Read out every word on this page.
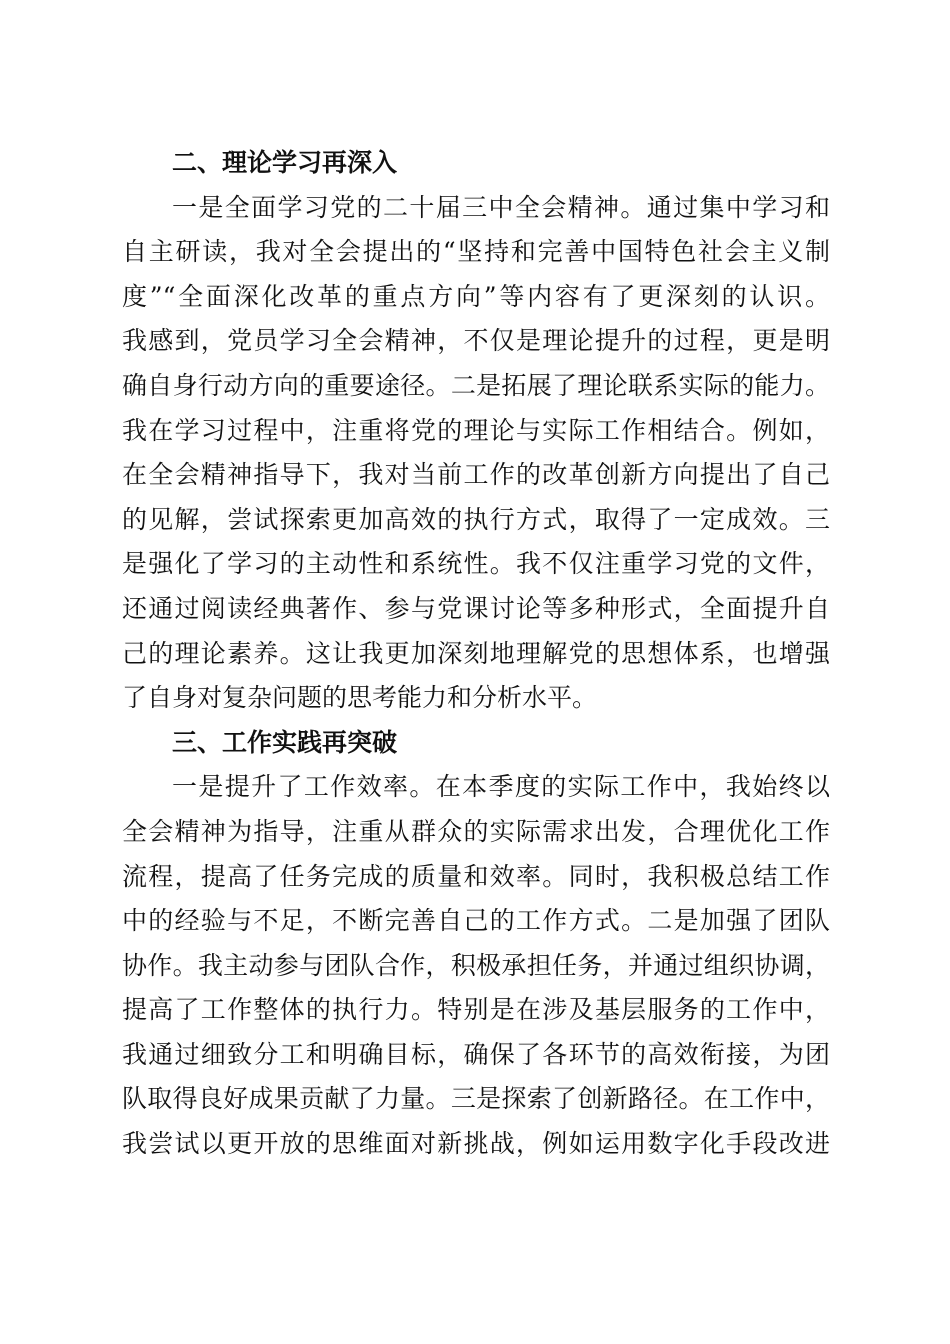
二、理论学习再深入
一是全面学习党的二十届三中全会精神。通过集中学习和
自主研读，我对全会提出的“坚持和完善中国特色社会主义制
度”“全面深化改革的重点方向”等内容有了更深刻的认识。
我感到，党员学习全会精神，不仅是理论提升的过程，更是明
确自身行动方向的重要途径。二是拓展了理论联系实际的能力。
我在学习过程中，注重将党的理论与实际工作相结合。例如，
在全会精神指导下，我对当前工作的改革创新方向提出了自己
的见解，尝试探索更加高效的执行方式，取得了一定成效。三
是强化了学习的主动性和系统性。我不仅注重学习党的文件，
还通过阅读经典著作、参与党课讨论等多种形式，全面提升自
己的理论素养。这让我更加深刻地理解党的思想体系，也增强
了自身对复杂问题的思考能力和分析水平。
三、工作实践再突破
一是提升了工作效率。在本季度的实际工作中，我始终以
全会精神为指导，注重从群众的实际需求出发，合理优化工作
流程，提高了任务完成的质量和效率。同时，我积极总结工作
中的经验与不足，不断完善自己的工作方式。二是加强了团队
协作。我主动参与团队合作，积极承担任务，并通过组织协调，
提高了工作整体的执行力。特别是在涉及基层服务的工作中，
我通过细致分工和明确目标，确保了各环节的高效衔接，为团
队取得良好成果贡献了力量。三是探索了创新路径。在工作中，
我尝试以更开放的思维面对新挑战，例如运用数字化手段改进
